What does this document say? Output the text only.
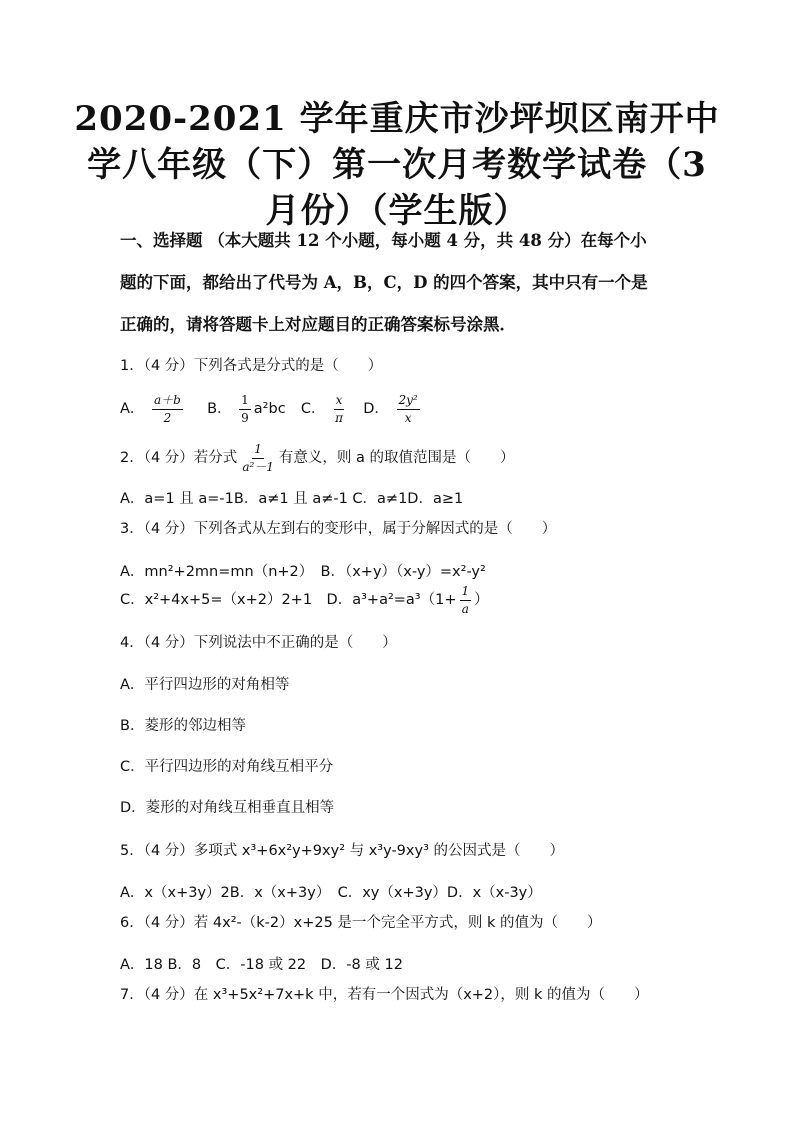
2020-2021 学年重庆市沙坪坝区南开中
学八年级（下）第一次月考数学试卷（3
月份）（学生版）
一、选择题 （本大题共 12 个小题，每小题 4 分，共 48 分）在每个小
题的下面，都给出了代号为 A，B，C，D 的四个答案，其中只有一个是
正确的，请将答题卡上对应题目的正确答案标号涂黑．
1．（4 分）下列各式是分式的是（　　）
A． $\frac{a+b}{2}$ B． $\frac{1}{9} a^2bc$ C． $\frac{x}{\pi}$ D． $\frac{\text{2y²}}{x}$
2．（4 分）若分式 $\frac{1}{\text{a²－1}}$ 有意义，则 a 的取值范围是（　　）
A．a=1 且 a=-1B．a≠1 且 a≠-1 C．a≠1D．a≥1
3．（4 分）下列各式从左到右的变形中，属于分解因式的是（　　）
A．mn²+2mn=mn（n+2）　B．（x+y）（x-y）=x²-y²
C．x²+4x+5=（x+2）2+1　D．$a^3+a^2=a^3(1+ \frac{1}{a}$ ）
4．（4 分）下列说法中不正确的是（　　）
A．平行四边形的对角相等
B．菱形的邻边相等
C．平行四边形的对角线互相平分
D．菱形的对角线互相垂直且相等
5．（4 分）多项式 x³+6x²y+9xy² 与 x³y-9xy³ 的公因式是（　　）
A．x（x+3y）2B．x（x+3y）　C．xy（x+3y）D．x（x-3y）
6．（4 分）若 4x²-（k-2）x+25 是一个完全平方式，则 k 的值为（　　）
A．18 B．8　C．-18 或 22　D．-8 或 12
7．（4 分）在 x³+5x²+7x+k 中，若有一个因式为（x+2），则 k 的值为（　　）
